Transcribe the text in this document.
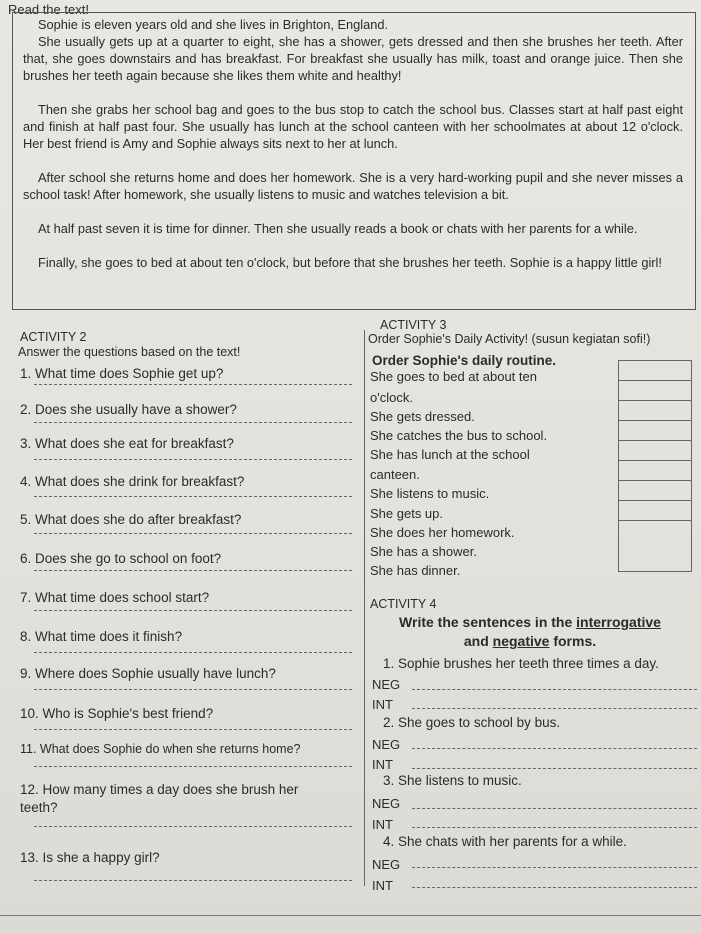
Read the text!
Sophie is eleven years old and she lives in Brighton, England.
She usually gets up at a quarter to eight, she has a shower, gets dressed and then she brushes her teeth. After that, she goes downstairs and has breakfast. For breakfast she usually has milk, toast and orange juice. Then she brushes her teeth again because she likes them white and healthy!
Then she grabs her school bag and goes to the bus stop to catch the school bus. Classes start at half past eight and finish at half past four. She usually has lunch at the school canteen with her schoolmates at about 12 o'clock. Her best friend is Amy and Sophie always sits next to her at lunch.
After school she returns home and does her homework. She is a very hard-working pupil and she never misses a school task! After homework, she usually listens to music and watches television a bit.
At half past seven it is time for dinner. Then she usually reads a book or chats with her parents for a while.
Finally, she goes to bed at about ten o'clock, but before that she brushes her teeth. Sophie is a happy little girl!
ACTIVITY 2
Answer the questions based on the text!
1. What time does Sophie get up?
2. Does she usually have a shower?
3. What does she eat for breakfast?
4. What does she drink for breakfast?
5. What does she do after breakfast?
6. Does she go to school on foot?
7. What time does school start?
8. What time does it finish?
9. Where does Sophie usually have lunch?
10. Who is Sophie's best friend?
11. What does Sophie do when she returns home?
12. How many times a day does she brush her
teeth?
13. Is she a happy girl?
ACTIVITY 3
Order Sophie's Daily Activity! (susun kegiatan sofi!)
Order Sophie's daily routine.
She goes to bed at about ten
o'clock.
She gets dressed.
She catches the bus to school.
She has lunch at the school
canteen.
She listens to music.
She gets up.
She does her homework.
She has a shower.
She has dinner.
ACTIVITY 4
Write the sentences in the interrogative
and negative forms.
1. Sophie brushes her teeth three times a day.
NEG
INT
2. She goes to school by bus.
NEG
INT
3. She listens to music.
NEG
INT
4. She chats with her parents for a while.
NEG
INT
